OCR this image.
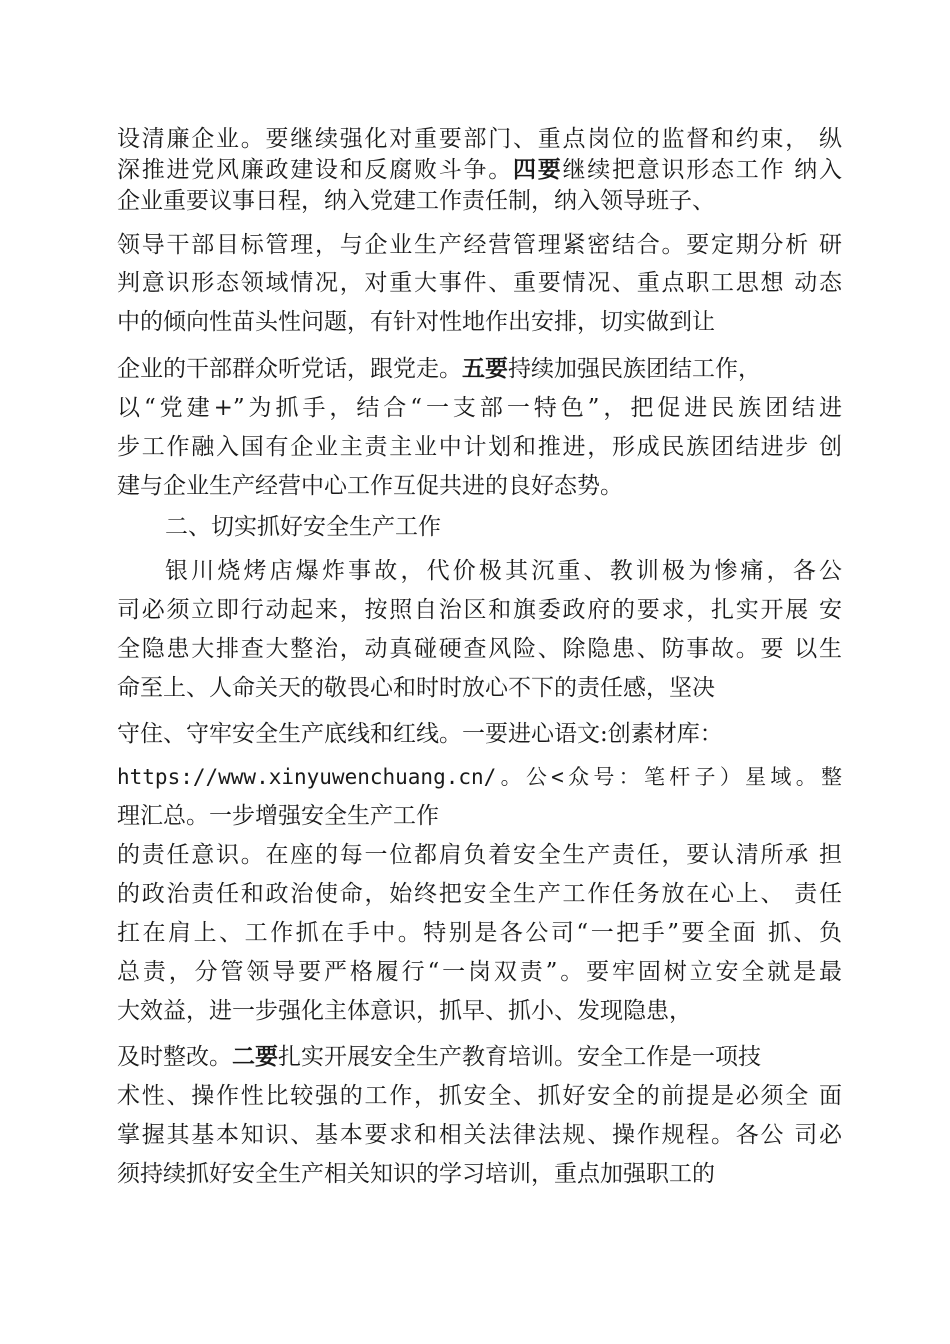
设清廉企业。要继续强化对重要部门、重点岗位的监督和约束， 纵
深推进党风廉政建设和反腐败斗争。四要继续把意识形态工作 纳入
企业重要议事日程，纳入党建工作责任制，纳入领导班子、
领导干部目标管理，与企业生产经营管理紧密结合。要定期分析 研
判意识形态领域情况，对重大事件、重要情况、重点职工思想 动态
中的倾向性苗头性问题，有针对性地作出安排，切实做到让
企业的干部群众听党话，跟党走。五要持续加强民族团结工作，
以“党建+”为抓手，结合“一支部一特色”，把促进民族团结进
步工作融入国有企业主责主业中计划和推进，形成民族团结进步 创
建与企业生产经营中心工作互促共进的良好态势。
二、切实抓好安全生产工作
银川烧烤店爆炸事故，代价极其沉重、教训极为惨痛，各公
司必须立即行动起来，按照自治区和旗委政府的要求，扎实开展 安
全隐患大排查大整治，动真碰硬查风险、除隐患、防事故。要 以生
命至上、人命关天的敬畏心和时时放心不下的责任感，坚决
守住、守牢安全生产底线和红线。一要进心语文:创素材库：
https://www.xinyuwenchuang.cn/。公<众号：笔杆子）星域。整
理汇总。一步增强安全生产工作
的责任意识。在座的每一位都肩负着安全生产责任，要认清所承 担
的政治责任和政治使命，始终把安全生产工作任务放在心上、 责任
扛在肩上、工作抓在手中。特别是各公司“一把手”要全面 抓、负
总责，分管领导要严格履行“一岗双责”。要牢固树立安全就是最
大效益，进一步强化主体意识，抓早、抓小、发现隐患，
及时整改。二要扎实开展安全生产教育培训。安全工作是一项技
术性、操作性比较强的工作，抓安全、抓好安全的前提是必须全 面
掌握其基本知识、基本要求和相关法律法规、操作规程。各公 司必
须持续抓好安全生产相关知识的学习培训，重点加强职工的
